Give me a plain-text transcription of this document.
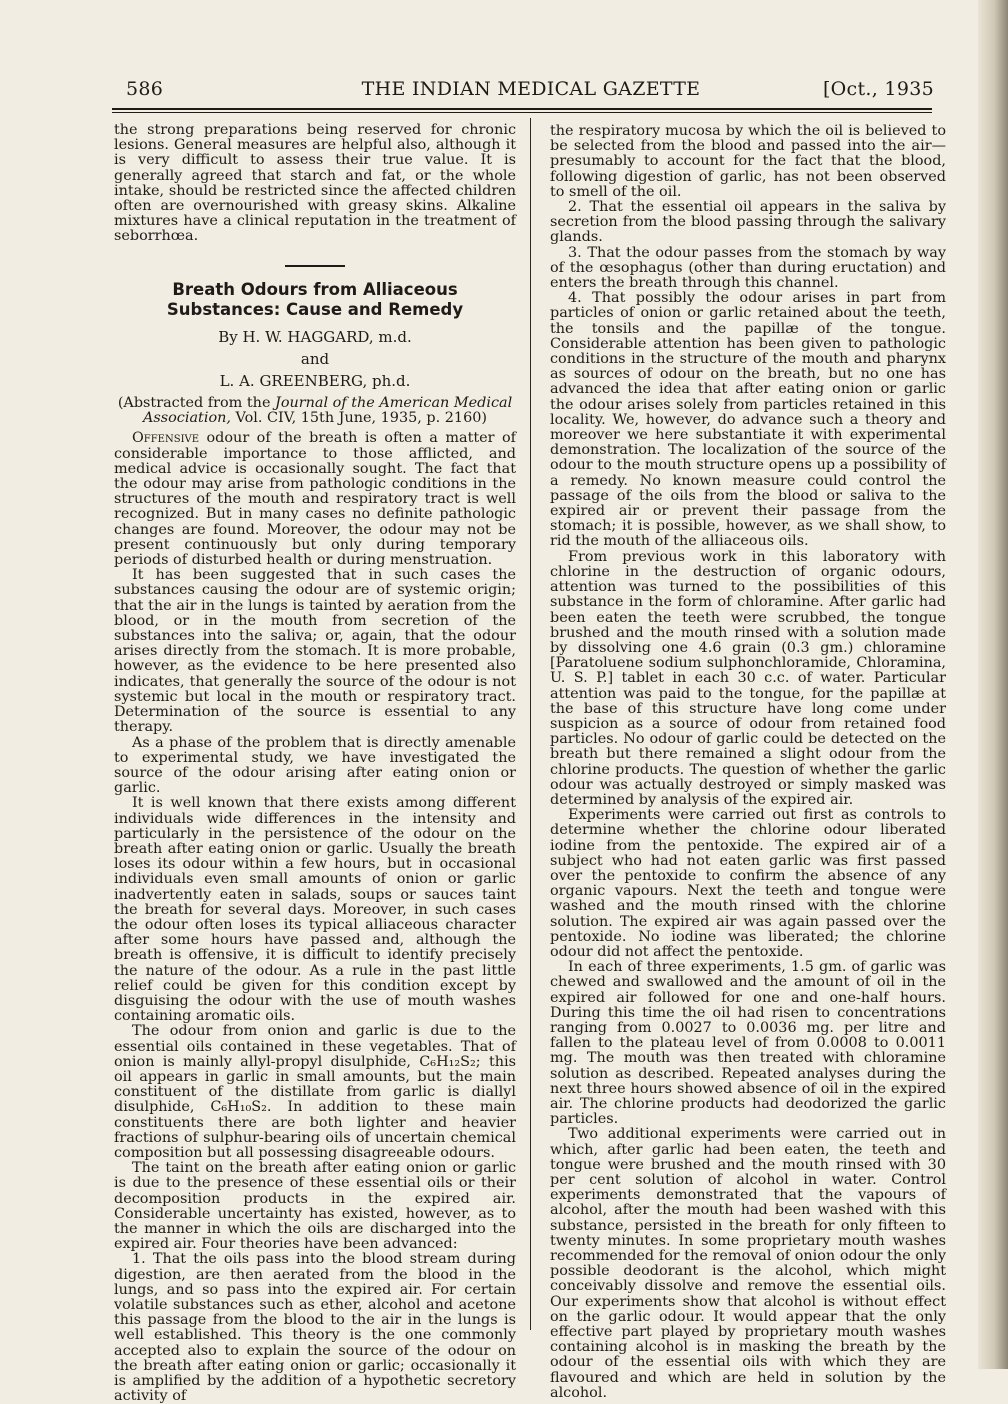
586	THE INDIAN MEDICAL GAZETTE	[Oct., 1935

the strong preparations being reserved for chronic lesions. General measures are helpful also, although it is very difficult to assess their true value. It is generally agreed that starch and fat, or the whole intake, should be restricted since the affected children often are overnourished with greasy skins. Alkaline mixtures have a clinical reputation in the treatment of seborrhœa.

Breath Odours from Alliaceous Substances: Cause and Remedy
By H. W. HAGGARD, m.d.
and
L. A. GREENBERG, ph.d.

(Abstracted from the Journal of the American Medical Association, Vol. CIV, 15th June, 1935, p. 2160)

Offensive odour of the breath is often a matter of considerable importance to those afflicted, and medical advice is occasionally sought. The fact that the odour may arise from pathologic conditions in the structures of the mouth and respiratory tract is well recognized. But in many cases no definite pathologic changes are found. Moreover, the odour may not be present continuously but only during temporary periods of disturbed health or during menstruation.

It has been suggested that in such cases the substances causing the odour are of systemic origin; that the air in the lungs is tainted by aeration from the blood, or in the mouth from secretion of the substances into the saliva; or, again, that the odour arises directly from the stomach. It is more probable, however, as the evidence to be here presented also indicates, that generally the source of the odour is not systemic but local in the mouth or respiratory tract. Determination of the source is essential to any therapy.

As a phase of the problem that is directly amenable to experimental study, we have investigated the source of the odour arising after eating onion or garlic.

It is well known that there exists among different individuals wide differences in the intensity and particularly in the persistence of the odour on the breath after eating onion or garlic. Usually the breath loses its odour within a few hours, but in occasional individuals even small amounts of onion or garlic inadvertently eaten in salads, soups or sauces taint the breath for several days. Moreover, in such cases the odour often loses its typical alliaceous character after some hours have passed and, although the breath is offensive, it is difficult to identify precisely the nature of the odour. As a rule in the past little relief could be given for this condition except by disguising the odour with the use of mouth washes containing aromatic oils.

The odour from onion and garlic is due to the essential oils contained in these vegetables. That of onion is mainly allyl-propyl disulphide, C₆H₁₂S₂; this oil appears in garlic in small amounts, but the main constituent of the distillate from garlic is diallyl disulphide, C₆H₁₀S₂. In addition to these main constituents there are both lighter and heavier fractions of sulphur-bearing oils of uncertain chemical composition but all possessing disagreeable odours.

The taint on the breath after eating onion or garlic is due to the presence of these essential oils or their decomposition products in the expired air. Considerable uncertainty has existed, however, as to the manner in which the oils are discharged into the expired air. Four theories have been advanced:

1. That the oils pass into the blood stream during digestion, are then aerated from the blood in the lungs, and so pass into the expired air. For certain volatile substances such as ether, alcohol and acetone this passage from the blood to the air in the lungs is well established. This theory is the one commonly accepted also to explain the source of the odour on the breath after eating onion or garlic; occasionally it is amplified by the addition of a hypothetic secretory activity of

the respiratory mucosa by which the oil is believed to be selected from the blood and passed into the air—presumably to account for the fact that the blood, following digestion of garlic, has not been observed to smell of the oil.

2. That the essential oil appears in the saliva by secretion from the blood passing through the salivary glands.

3. That the odour passes from the stomach by way of the œsophagus (other than during eructation) and enters the breath through this channel.

4. That possibly the odour arises in part from particles of onion or garlic retained about the teeth, the tonsils and the papillæ of the tongue. Considerable attention has been given to pathologic conditions in the structure of the mouth and pharynx as sources of odour on the breath, but no one has advanced the idea that after eating onion or garlic the odour arises solely from particles retained in this locality. We, however, do advance such a theory and moreover we here substantiate it with experimental demonstration. The localization of the source of the odour to the mouth structure opens up a possibility of a remedy. No known measure could control the passage of the oils from the blood or saliva to the expired air or prevent their passage from the stomach; it is possible, however, as we shall show, to rid the mouth of the alliaceous oils.

From previous work in this laboratory with chlorine in the destruction of organic odours, attention was turned to the possibilities of this substance in the form of chloramine. After garlic had been eaten the teeth were scrubbed, the tongue brushed and the mouth rinsed with a solution made by dissolving one 4.6 grain (0.3 gm.) chloramine [Paratoluene sodium sulphonchloramide, Chloramina, U. S. P.] tablet in each 30 c.c. of water. Particular attention was paid to the tongue, for the papillæ at the base of this structure have long come under suspicion as a source of odour from retained food particles. No odour of garlic could be detected on the breath but there remained a slight odour from the chlorine products. The question of whether the garlic odour was actually destroyed or simply masked was determined by analysis of the expired air.

Experiments were carried out first as controls to determine whether the chlorine odour liberated iodine from the pentoxide. The expired air of a subject who had not eaten garlic was first passed over the pentoxide to confirm the absence of any organic vapours. Next the teeth and tongue were washed and the mouth rinsed with the chlorine solution. The expired air was again passed over the pentoxide. No iodine was liberated; the chlorine odour did not affect the pentoxide.

In each of three experiments, 1.5 gm. of garlic was chewed and swallowed and the amount of oil in the expired air followed for one and one-half hours. During this time the oil had risen to concentrations ranging from 0.0027 to 0.0036 mg. per litre and fallen to the plateau level of from 0.0008 to 0.0011 mg. The mouth was then treated with chloramine solution as described. Repeated analyses during the next three hours showed absence of oil in the expired air. The chlorine products had deodorized the garlic particles.

Two additional experiments were carried out in which, after garlic had been eaten, the teeth and tongue were brushed and the mouth rinsed with 30 per cent solution of alcohol in water. Control experiments demonstrated that the vapours of alcohol, after the mouth had been washed with this substance, persisted in the breath for only fifteen to twenty minutes. In some proprietary mouth washes recommended for the removal of onion odour the only possible deodorant is the alcohol, which might conceivably dissolve and remove the essential oils. Our experiments show that alcohol is without effect on the garlic odour. It would appear that the only effective part played by proprietary mouth washes containing alcohol is in masking the breath by the odour of the essential oils with which they are flavoured and which are held in solution by the alcohol.
